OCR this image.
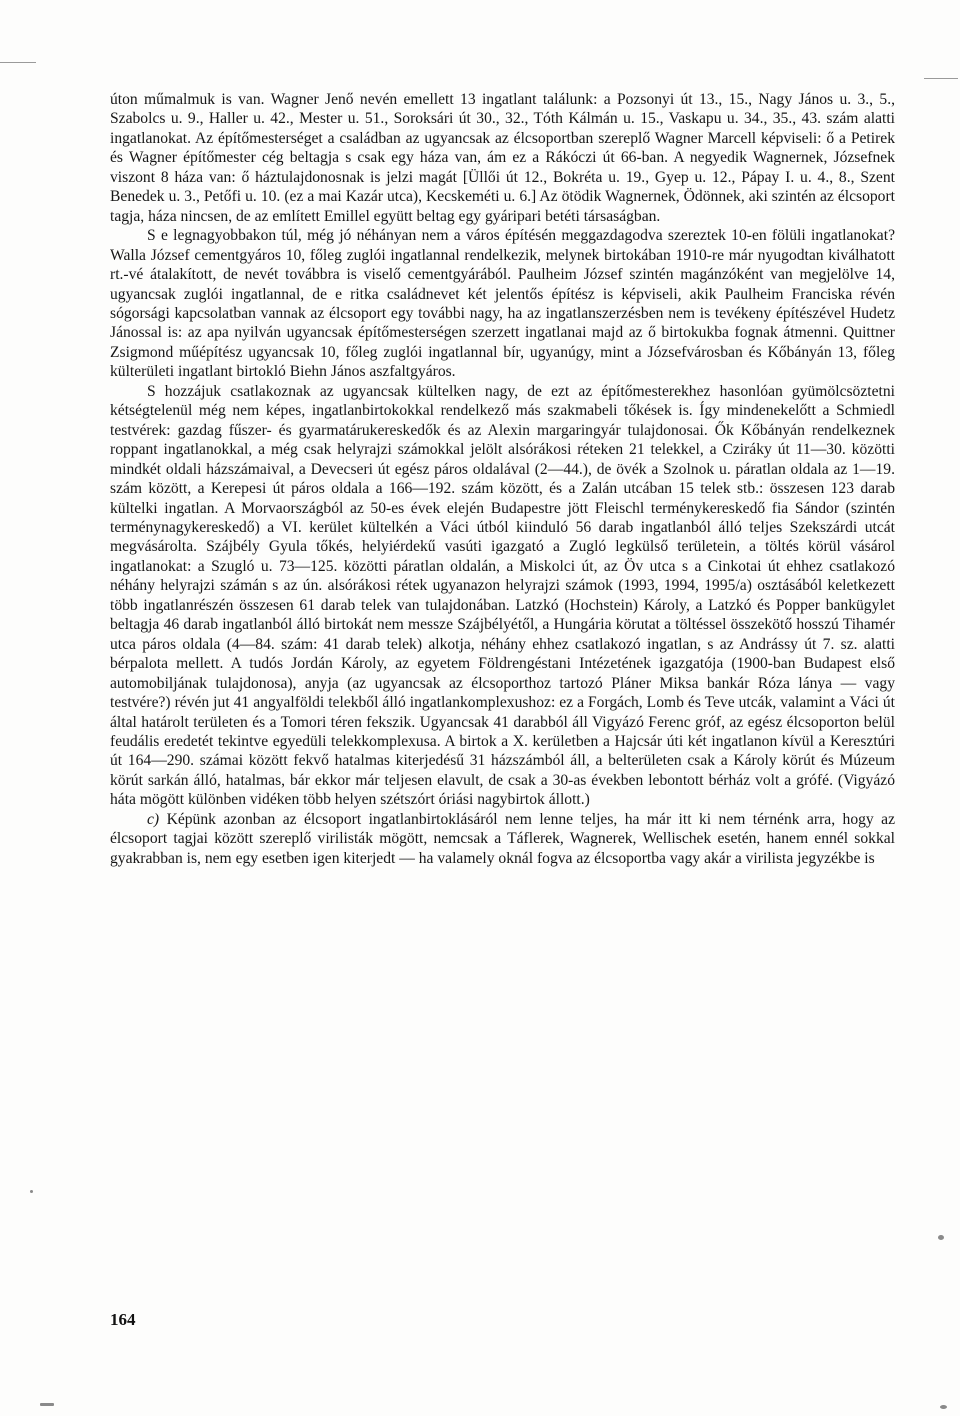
úton műmalmuk is van. Wagner Jenő nevén emellett 13 ingatlant találunk: a Pozsonyi út 13., 15., Nagy János u. 3., 5., Szabolcs u. 9., Haller u. 42., Mester u. 51., Soroksári út 30., 32., Tóth Kálmán u. 15., Vaskapu u. 34., 35., 43. szám alatti ingatlanokat. Az építőmesterséget a családban az ugyancsak az élcsoportban szereplő Wagner Marcell képviseli: ő a Petirek és Wagner építőmester cég beltagja s csak egy háza van, ám ez a Rákóczi út 66-ban. A negyedik Wagnernek, Józsefnek viszont 8 háza van: ő háztulajdonosnak is jelzi magát [Üllői út 12., Bokréta u. 19., Gyep u. 12., Pápay I. u. 4., 8., Szent Benedek u. 3., Petőfi u. 10. (ez a mai Kazár utca), Kecskeméti u. 6.] Az ötödik Wagnernek, Ödönnek, aki szintén az élcsoport tagja, háza nincsen, de az említett Emillel együtt beltag egy gyáripari betéti társaságban.

S e legnagyobbakon túl, még jó néhányan nem a város építésén meggazdagodva szereztek 10-en fölüli ingatlanokat? Walla József cementgyáros 10, főleg zuglói ingatlannal rendelkezik, melynek birtokában 1910-re már nyugodtan kiválhatott rt.-vé átalakított, de nevét továbbra is viselő cementgyárából. Paulheim József szintén magánzóként van megjelölve 14, ugyancsak zuglói ingatlannal, de e ritka családnevet két jelentős építész is képviseli, akik Paulheim Franciska révén sógorsági kapcsolatban vannak az élcsoport egy további nagy, ha az ingatlanszerzésben nem is tevékeny építészével Hudetz Jánossal is: az apa nyilván ugyancsak építőmesterségen szerzett ingatlanai majd az ő birtokukba fognak átmenni. Quittner Zsigmond műépítész ugyancsak 10, főleg zuglói ingatlannal bír, ugyanúgy, mint a Józsefvárosban és Kőbányán 13, főleg külterületi ingatlant birtokló Biehn János aszfaltgyáros.

S hozzájuk csatlakoznak az ugyancsak kültelken nagy, de ezt az építőmesterekhez hasonlóan gyümölcsöztetni kétségtelenül még nem képes, ingatlanbirtokokkal rendelkező más szakmabeli tőkések is. Így mindenekelőtt a Schmiedl testvérek: gazdag fűszer- és gyarmatárukereskedők és az Alexin margaringyár tulajdonosai. Ők Kőbányán rendelkeznek roppant ingatlanokkal, a még csak helyrajzi számokkal jelölt alsórákosi réteken 21 telekkel, a Cziráky út 11—30. közötti mindkét oldali házszámaival, a Devecseri út egész páros oldalával (2—44.), de övék a Szolnok u. páratlan oldala az 1—19. szám között, a Kerepesi út páros oldala a 166—192. szám között, és a Zalán utcában 15 telek stb.: összesen 123 darab kültelki ingatlan. A Morvaországból az 50-es évek elején Budapestre jött Fleischl terménykereskedő fia Sándor (szintén terménynagykereskedő) a VI. kerület kültelkén a Váci útból kiinduló 56 darab ingatlanból álló teljes Szekszárdi utcát megvásárolta. Szájbély Gyula tőkés, helyiérdekű vasúti igazgató a Zugló legkülső területein, a töltés körül vásárol ingatlanokat: a Szugló u. 73—125. közötti páratlan oldalán, a Miskolci út, az Öv utca s a Cinkotai út ehhez csatlakozó néhány helyrajzi számán s az ún. alsórákosi rétek ugyanazon helyrajzi számok (1993, 1994, 1995/a) osztásából keletkezett több ingatlanrészén összesen 61 darab telek van tulajdonában. Latzkó (Hochstein) Károly, a Latzkó és Popper bankügylet beltagja 46 darab ingatlanból álló birtokát nem messze Szájbélyétől, a Hungária körutat a töltéssel összekötő hosszú Tihamér utca páros oldala (4—84. szám: 41 darab telek) alkotja, néhány ehhez csatlakozó ingatlan, s az Andrássy út 7. sz. alatti bérpalota mellett. A tudós Jordán Károly, az egyetem Földrengéstani Intézetének igazgatója (1900-ban Budapest első automobiljának tulajdonosa), anyja (az ugyancsak az élcsoporthoz tartozó Pláner Miksa bankár Róza lánya — vagy testvére?) révén jut 41 angyalföldi telekből álló ingatlankomplexushoz: ez a Forgách, Lomb és Teve utcák, valamint a Váci út által határolt területen és a Tomori téren fekszik. Ugyancsak 41 darabból áll Vigyázó Ferenc gróf, az egész élcsoporton belül feudális eredetét tekintve egyedüli telekkomplexusa. A birtok a X. kerületben a Hajcsár úti két ingatlanon kívül a Keresztúri út 164—290. számai között fekvő hatalmas kiterjedésű 31 házszámból áll, a belterületen csak a Károly körút és Múzeum körút sarkán álló, hatalmas, bár ekkor már teljesen elavult, de csak a 30-as években lebontott bérház volt a grófé. (Vigyázó háta mögött különben vidéken több helyen szétszórt óriási nagybirtok állott.)

c) Képünk azonban az élcsoport ingatlanbirtoklásáról nem lenne teljes, ha már itt ki nem térnénk arra, hogy az élcsoport tagjai között szereplő virilisták mögött, nemcsak a Táflerek, Wagnerek, Wellischek esetén, hanem ennél sokkal gyakrabban is, nem egy esetben igen kiterjedt — ha valamely oknál fogva az élcsoportba vagy akár a virilista jegyzékbe is

164
